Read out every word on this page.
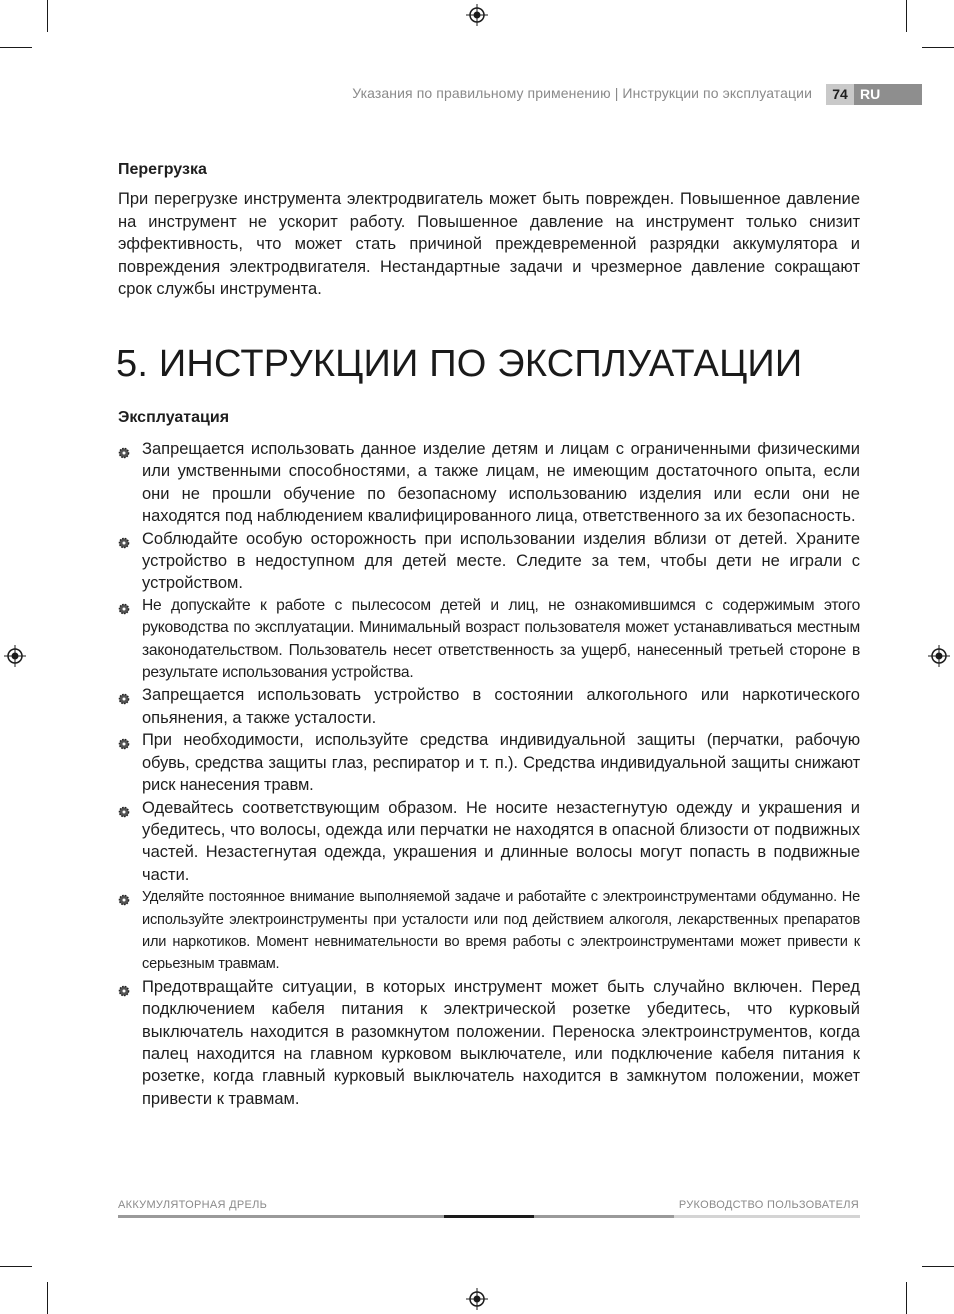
Указания по правильному применению | Инструкции по эксплуатации	74 RU

Перегрузка

При перегрузке инструмента электродвигатель может быть поврежден. Повышенное давление на инструмент не ускорит работу. Повышенное давление на инструмент только снизит эффективность, что может стать причиной преждевременной разрядки аккумулятора и повреждения электродвигателя. Нестандартные задачи и чрезмерное давление сокращают срок службы инструмента.

5. ИНСТРУКЦИИ ПО ЭКСПЛУАТАЦИИ

Эксплуатация

Запрещается использовать данное изделие детям и лицам с ограниченными физическими или умственными способностями, а также лицам, не имеющим достаточного опыта, если они не прошли обучение по безопасному использованию изделия или если они не находятся под наблюдением квалифицированного лица, ответственного за их безопасность.
Соблюдайте особую осторожность при использовании изделия вблизи от детей. Храните устройство в недоступном для детей месте. Следите за тем, чтобы дети не играли с устройством.
Не допускайте к работе с пылесосом детей и лиц, не ознакомившимся с содержимым этого руководства по эксплуатации. Минимальный возраст пользователя может устанавливаться местным законодательством. Пользователь несет ответственность за ущерб, нанесенный третьей стороне в результате использования устройства.
Запрещается использовать устройство в состоянии алкогольного или наркотического опьянения, а также усталости.
При необходимости, используйте средства индивидуальной защиты (перчатки, рабочую обувь, средства защиты глаз, респиратор и т. п.). Средства индивидуальной защиты снижают риск нанесения травм.
Одевайтесь соответствующим образом. Не носите незастегнутую одежду и украшения и убедитесь, что волосы, одежда или перчатки не находятся в опасной близости от подвижных частей. Незастегнутая одежда, украшения и длинные волосы могут попасть в подвижные части.
Уделяйте постоянное внимание выполняемой задаче и работайте с электроинструментами обдуманно. Не используйте электроинструменты при усталости или под действием алкоголя, лекарственных препаратов или наркотиков. Момент невнимательности во время работы с электроинструментами может привести к серьезным травмам.
Предотвращайте ситуации, в которых инструмент может быть случайно включен. Перед подключением кабеля питания к электрической розетке убедитесь, что курковый выключатель находится в разомкнутом положении. Переноска электроинструментов, когда палец находится на главном курковом выключателе, или подключение кабеля питания к розетке, когда главный курковый выключатель находится в замкнутом положении, может привести к травмам.
АККУМУЛЯТОРНАЯ ДРЕЛЬ	РУКОВОДСТВО ПОЛЬЗОВАТЕЛЯ
